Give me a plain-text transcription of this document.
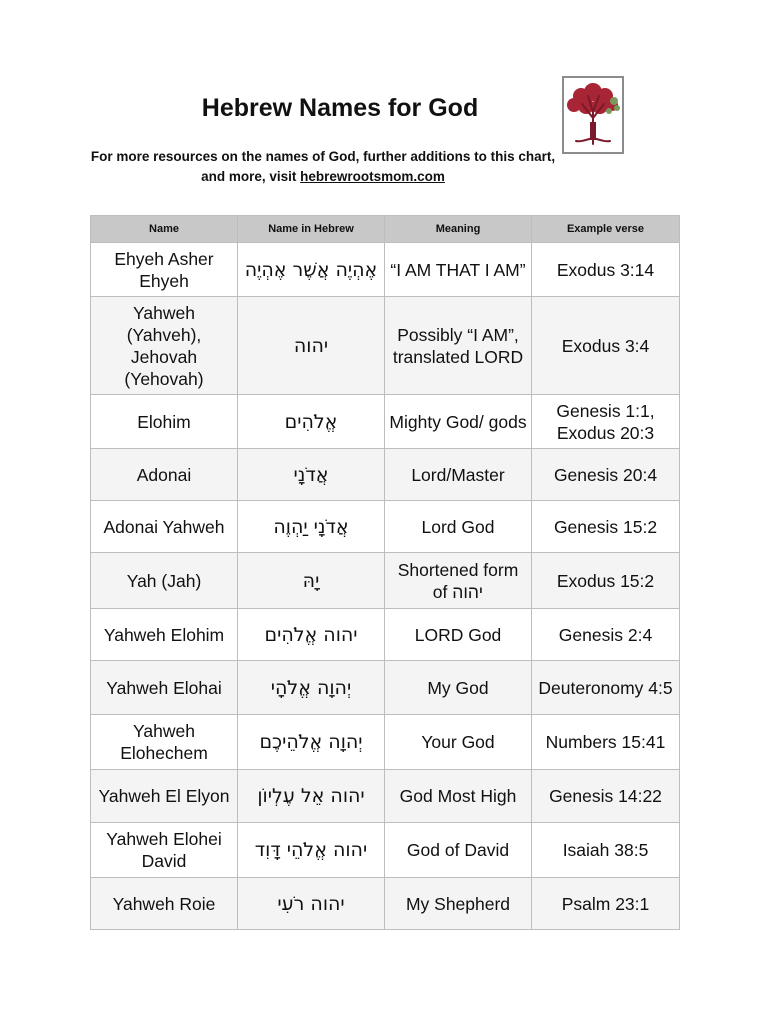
Hebrew Names for God
For more resources on the names of God, further additions to this chart, and more, visit hebrewrootsmom.com
Name	Name in Hebrew	Meaning	Example verse
Ehyeh Asher Ehyeh	אֶהְיֶה אֲשֶׁר אֶהְיֶה	“I AM THAT I AM”	Exodus 3:14
Yahweh (Yahveh), Jehovah (Yehovah)	יהוה	Possibly “I AM”, translated LORD	Exodus 3:4
Elohim	אֱלֹהִים	Mighty God/ gods	Genesis 1:1, Exodus 20:3
Adonai	אֲדֹנָי	Lord/Master	Genesis 20:4
Adonai Yahweh	אֲדֹנָי יַהְוֶה	Lord God	Genesis 15:2
Yah (Jah)	יָהּ	Shortened form of יהוה	Exodus 15:2
Yahweh Elohim	יהוה אֱלֹהִים	LORD God	Genesis 2:4
Yahweh Elohai	יְהוָה אֱלֹהָי	My God	Deuteronomy 4:5
Yahweh Elohechem	יְהוָה אֱלֹהֵיכֶם	Your God	Numbers 15:41
Yahweh El Elyon	יהוה אֵל עֶלְיוֹן	God Most High	Genesis 14:22
Yahweh Elohei David	יהוה אֱלֹהֵי דָּוִד	God of David	Isaiah 38:5
Yahweh Roie	יהוה רֹעִי	My Shepherd	Psalm 23:1
